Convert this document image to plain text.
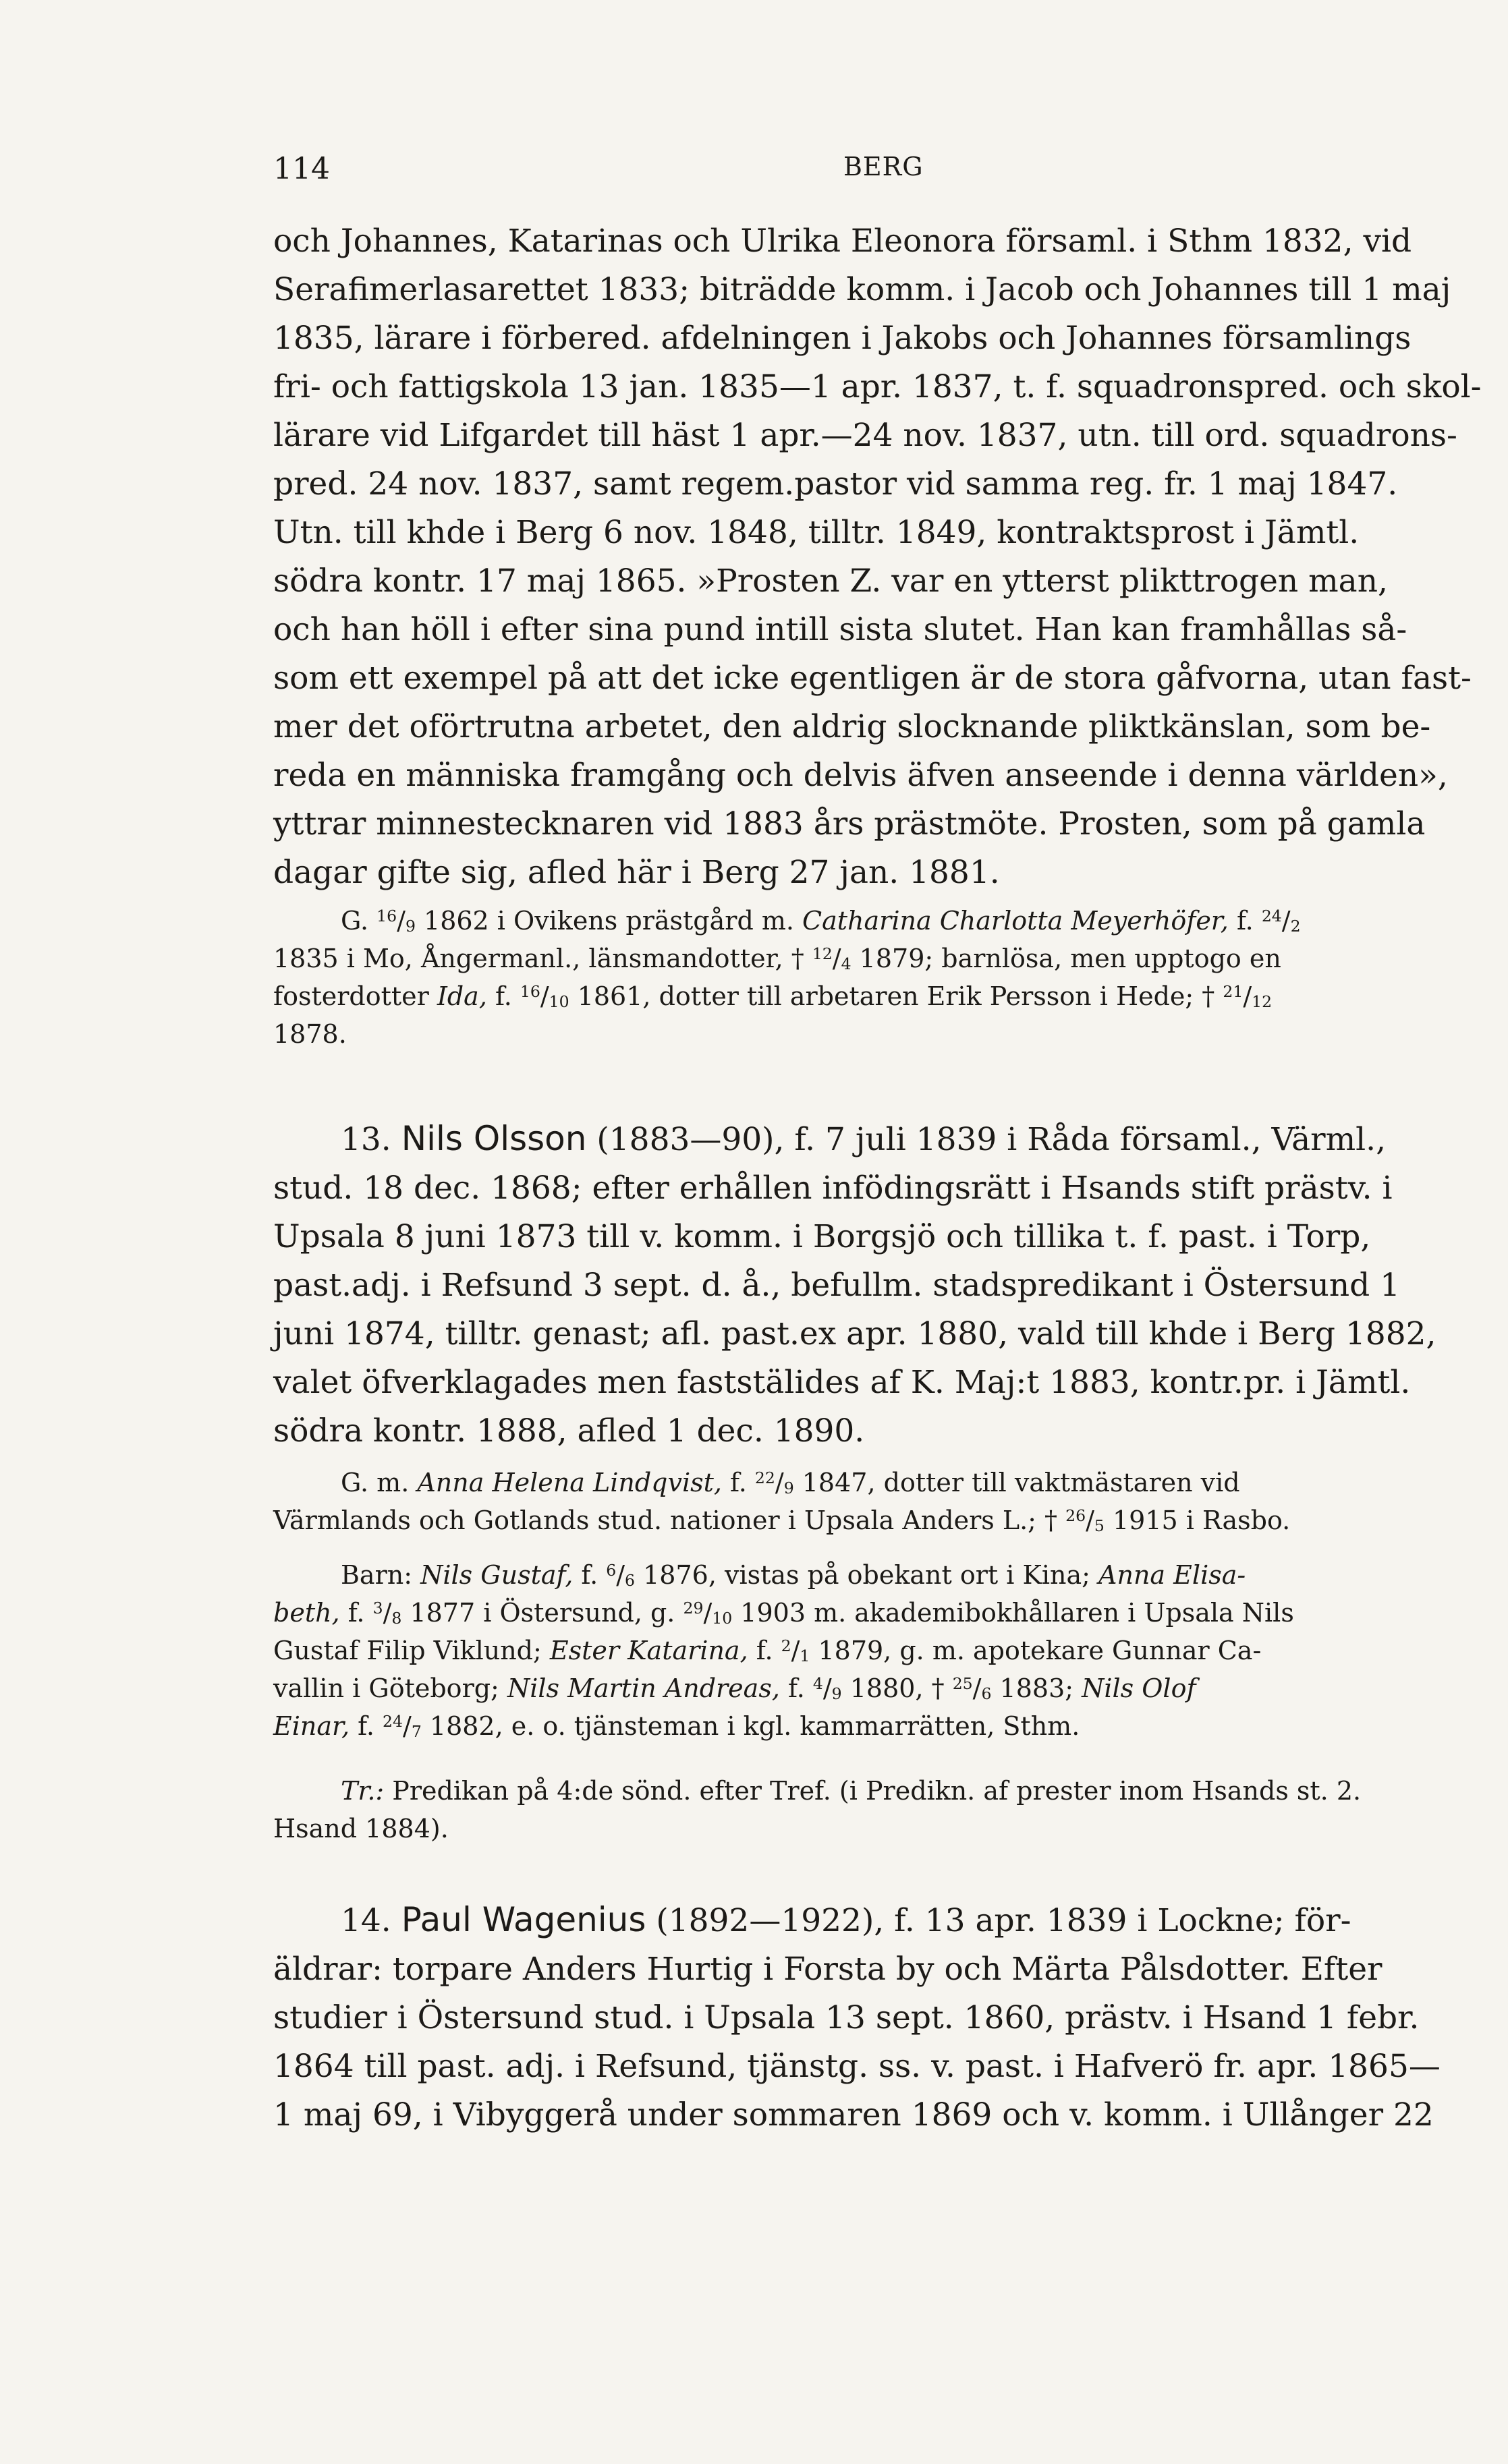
114	BERG
och Johannes, Katarinas och Ulrika Eleonora församl. i Sthm 1832, vid
Serafimerlasarettet 1833; biträdde komm. i Jacob och Johannes till 1 maj
1835, lärare i förbered. afdelningen i Jakobs och Johannes församlings
fri- och fattigskola 13 jan. 1835—1 apr. 1837, t. f. squadronspred. och skol-
lärare vid Lifgardet till häst 1 apr.—24 nov. 1837, utn. till ord. squadrons-
pred. 24 nov. 1837, samt regem.pastor vid samma reg. fr. 1 maj 1847.
Utn. till khde i Berg 6 nov. 1848, tilltr. 1849, kontraktsprost i Jämtl.
södra kontr. 17 maj 1865. »Prosten Z. var en ytterst plikttrogen man,
och han höll i efter sina pund intill sista slutet. Han kan framhållas så-
som ett exempel på att det icke egentligen är de stora gåfvorna, utan fast-
mer det oförtrutna arbetet, den aldrig slocknande pliktkänslan, som be-
reda en människa framgång och delvis äfven anseende i denna världen»,
yttrar minnestecknaren vid 1883 års prästmöte. Prosten, som på gamla
dagar gifte sig, afled här i Berg 27 jan. 1881.
G. $^{16}/_9$ 1862 i Ovikens prästgård m. Catharina Charlotta Meyerhöfer, f. $^{24}/_2$
1835 i Mo, Ångermanl., länsmandotter, † $^{12}/_4$ 1879; barnlösa, men upptogo en
fosterdotter Ida, f. $^{16}/_{10}$ 1861, dotter till arbetaren Erik Persson i Hede; † $^{21}/_{12}$
1878.
13. Nils Olsson (1883—90), f. 7 juli 1839 i Råda församl., Värml.,
stud. 18 dec. 1868; efter erhållen infödingsrätt i Hsands stift prästv. i
Upsala 8 juni 1873 till v. komm. i Borgsjö och tillika t. f. past. i Torp,
past.adj. i Refsund 3 sept. d. å., befullm. stadspredikant i Östersund 1
juni 1874, tilltr. genast; afl. past.ex apr. 1880, vald till khde i Berg 1882,
valet öfverklagades men faststälides af K. Maj:t 1883, kontr.pr. i Jämtl.
södra kontr. 1888, afled 1 dec. 1890.
G. m. Anna Helena Lindqvist, f. $^{22}/_9$ 1847, dotter till vaktmästaren vid
Värmlands och Gotlands stud. nationer i Upsala Anders L.; † $^{26}/_5$ 1915 i Rasbo.
Barn: Nils Gustaf, f. $^6/_6$ 1876, vistas på obekant ort i Kina; Anna Elisa-
beth, f. $^3/_8$ 1877 i Östersund, g. $^{29}/_{10}$ 1903 m. akademibokhållaren i Upsala Nils
Gustaf Filip Viklund; Ester Katarina, f. $^2/_1$ 1879, g. m. apotekare Gunnar Ca-
vallin i Göteborg; Nils Martin Andreas, f. $^4/_9$ 1880, † $^{25}/_6$ 1883; Nils Olof
Einar, f. $^{24}/_7$ 1882, e. o. tjänsteman i kgl. kammarrätten, Sthm.
Tr.: Predikan på 4:de sönd. efter Tref. (i Predikn. af prester inom Hsands st. 2.
Hsand 1884).
14. Paul Wagenius (1892—1922), f. 13 apr. 1839 i Lockne; för-
äldrar: torpare Anders Hurtig i Forsta by och Märta Pålsdotter. Efter
studier i Östersund stud. i Upsala 13 sept. 1860, prästv. i Hsand 1 febr.
1864 till past. adj. i Refsund, tjänstg. ss. v. past. i Hafverö fr. apr. 1865—
1 maj 69, i Vibyggerå under sommaren 1869 och v. komm. i Ullånger 22
